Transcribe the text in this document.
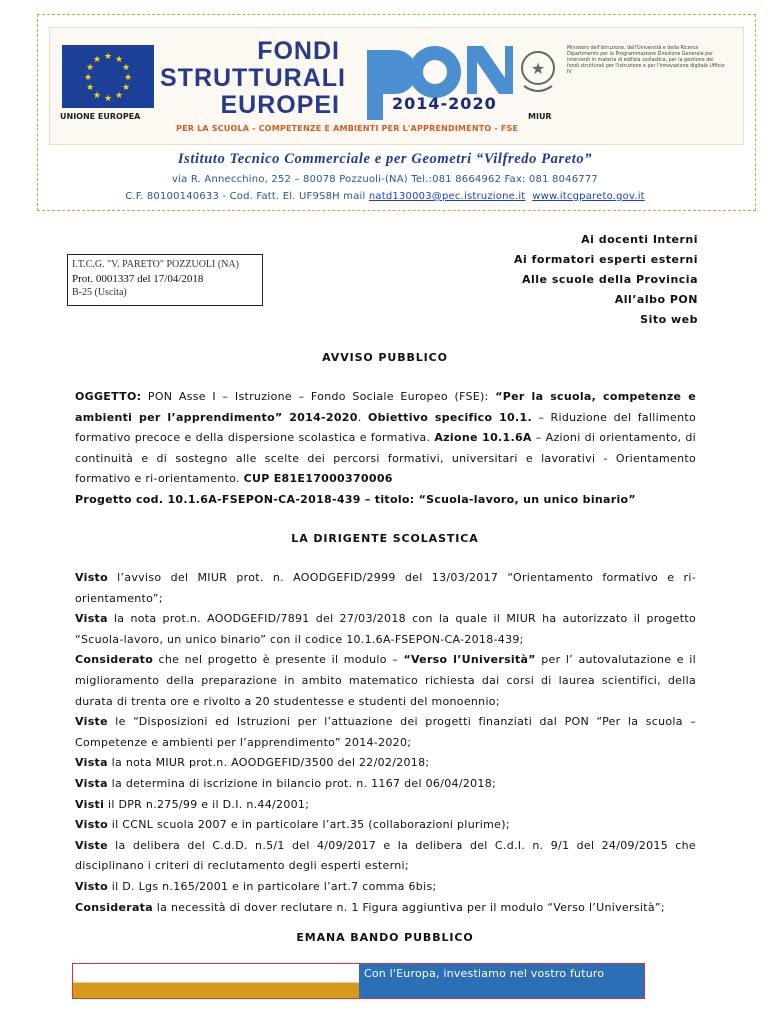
★ ★
★
★
★
★
★
★
★
★
★
★
UNIONE EUROPEA
FONDI
STRUTTURALI
EUROPEI	2014-2020
PER LA SCUOLA - COMPETENZE E AMBIENTI PER L'APPRENDIMENTO - FSE
★
Ministero dell'Istruzione, dell'Università e della Ricerca Dipartimento per la Programmazione Direzione Generale per interventi in materia di edilizia scolastica, per la gestione dei fondi strutturali per l'istruzione e per l'innovazione digitale Ufficio IV
MIUR
Istituto Tecnico Commerciale e per Geometri “Vilfredo Pareto”
via R. Annecchino, 252 – 80078 Pozzuoli-(NA) Tel.:081 8664962 Fax: 081 8046777
C.F. 80100140633 - Cod. Fatt. El. UF9S8H mail natd130003@pec.istruzione.it www.itcgpareto.gov.it
I.T.C.G. "V. PARETO" POZZUOLI (NA)
Prot. 0001337 del 17/04/2018
B-25 (Uscita)
Ai docenti Interni
Ai formatori esperti esterni
Alle scuole della Provincia
All’albo PON
Sito web
AVVISO PUBBLICO
OGGETTO: PON Asse I – Istruzione – Fondo Sociale Europeo (FSE): “Per la scuola, competenze e ambienti per l’apprendimento” 2014-2020. Obiettivo specifico 10.1. – Riduzione del fallimento formativo precoce e della dispersione scolastica e formativa. Azione 10.1.6A – Azioni di orientamento, di continuità e di sostegno alle scelte dei percorsi formativi, universitari e lavorativi - Orientamento formativo e ri-orientamento. CUP E81E17000370006
Progetto cod. 10.1.6A-FSEPON-CA-2018-439 – titolo: “Scuola-lavoro, un unico binario”
LA DIRIGENTE SCOLASTICA
Visto l’avviso del MIUR prot. n. AOODGEFID/2999 del 13/03/2017 “Orientamento formativo e ri-orientamento”;
Vista la nota prot.n. AOODGEFID/7891 del 27/03/2018 con la quale il MIUR ha autorizzato il progetto “Scuola-lavoro, un unico binario” con il codice 10.1.6A-FSEPON-CA-2018-439;
Considerato che nel progetto è presente il modulo – “Verso l’Università” per l’ autovalutazione e il miglioramento della preparazione in ambito matematico richiesta dai corsi di laurea scientifici, della durata di trenta ore e rivolto a 20 studentesse e studenti del monoennio;
Viste le “Disposizioni ed Istruzioni per l’attuazione dei progetti finanziati dal PON “Per la scuola – Competenze e ambienti per l’apprendimento” 2014-2020;
Vista la nota MIUR prot.n. AOODGEFID/3500 del 22/02/2018;
Vista la determina di iscrizione in bilancio prot. n. 1167 del 06/04/2018;
Visti il DPR n.275/99 e il D.I. n.44/2001;
Visto il CCNL scuola 2007 e in particolare l’art.35 (collaborazioni plurime);
Viste la delibera del C.d.D. n.5/1 del 4/09/2017 e la delibera del C.d.I. n. 9/1 del 24/09/2015 che disciplinano i criteri di reclutamento degli esperti esterni;
Visto il D. Lgs n.165/2001 e in particolare l’art.7 comma 6bis;
Considerata la necessità di dover reclutare n. 1 Figura aggiuntiva per il modulo “Verso l’Università”;
EMANA BANDO PUBBLICO
Con l'Europa, investiamo nel vostro futuro
